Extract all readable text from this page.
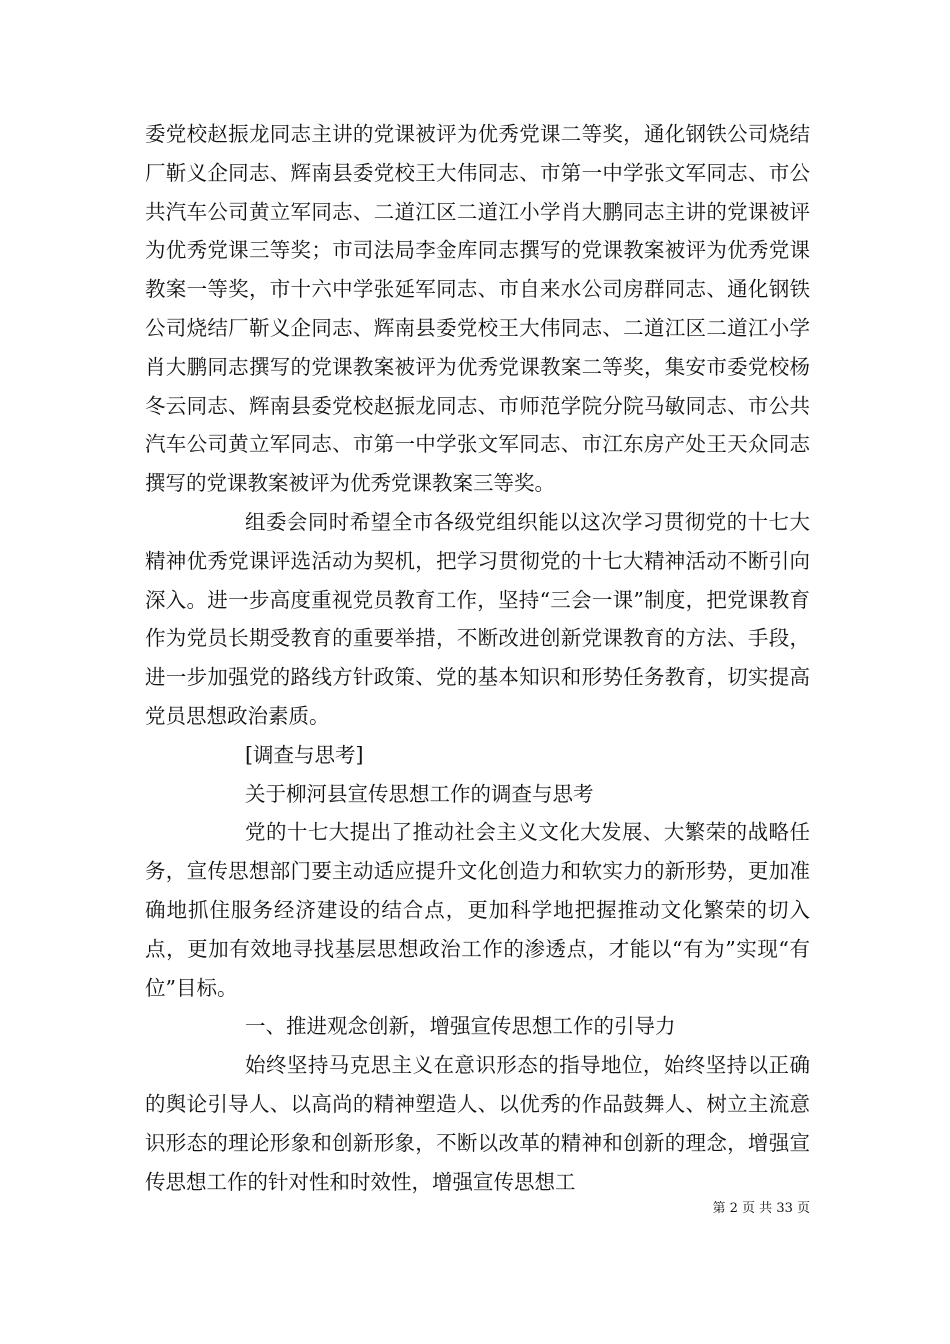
委党校赵振龙同志主讲的党课被评为优秀党课二等奖，通化钢铁公司烧结厂靳义企同志、辉南县委党校王大伟同志、市第一中学张文军同志、市公共汽车公司黄立军同志、二道江区二道江小学肖大鹏同志主讲的党课被评为优秀党课三等奖；市司法局李金库同志撰写的党课教案被评为优秀党课教案一等奖，市十六中学张延军同志、市自来水公司房群同志、通化钢铁公司烧结厂靳义企同志、辉南县委党校王大伟同志、二道江区二道江小学肖大鹏同志撰写的党课教案被评为优秀党课教案二等奖，集安市委党校杨冬云同志、辉南县委党校赵振龙同志、市师范学院分院马敏同志、市公共汽车公司黄立军同志、市第一中学张文军同志、市江东房产处王天众同志撰写的党课教案被评为优秀党课教案三等奖。

组委会同时希望全市各级党组织能以这次学习贯彻党的十七大精神优秀党课评选活动为契机，把学习贯彻党的十七大精神活动不断引向深入。进一步高度重视党员教育工作，坚持“三会一课”制度，把党课教育作为党员长期受教育的重要举措，不断改进创新党课教育的方法、手段，进一步加强党的路线方针政策、党的基本知识和形势任务教育，切实提高党员思想政治素质。

[调查与思考]

关于柳河县宣传思想工作的调查与思考

党的十七大提出了推动社会主义文化大发展、大繁荣的战略任务，宣传思想部门要主动适应提升文化创造力和软实力的新形势，更加准确地抓住服务经济建设的结合点，更加科学地把握推动文化繁荣的切入点，更加有效地寻找基层思想政治工作的渗透点，才能以“有为”实现“有位”目标。

一、推进观念创新，增强宣传思想工作的引导力

始终坚持马克思主义在意识形态的指导地位，始终坚持以正确的舆论引导人、以高尚的精神塑造人、以优秀的作品鼓舞人、树立主流意识形态的理论形象和创新形象，不断以改革的精神和创新的理念，增强宣传思想工作的针对性和时效性，增强宣传思想工

第 2 页 共 33 页
